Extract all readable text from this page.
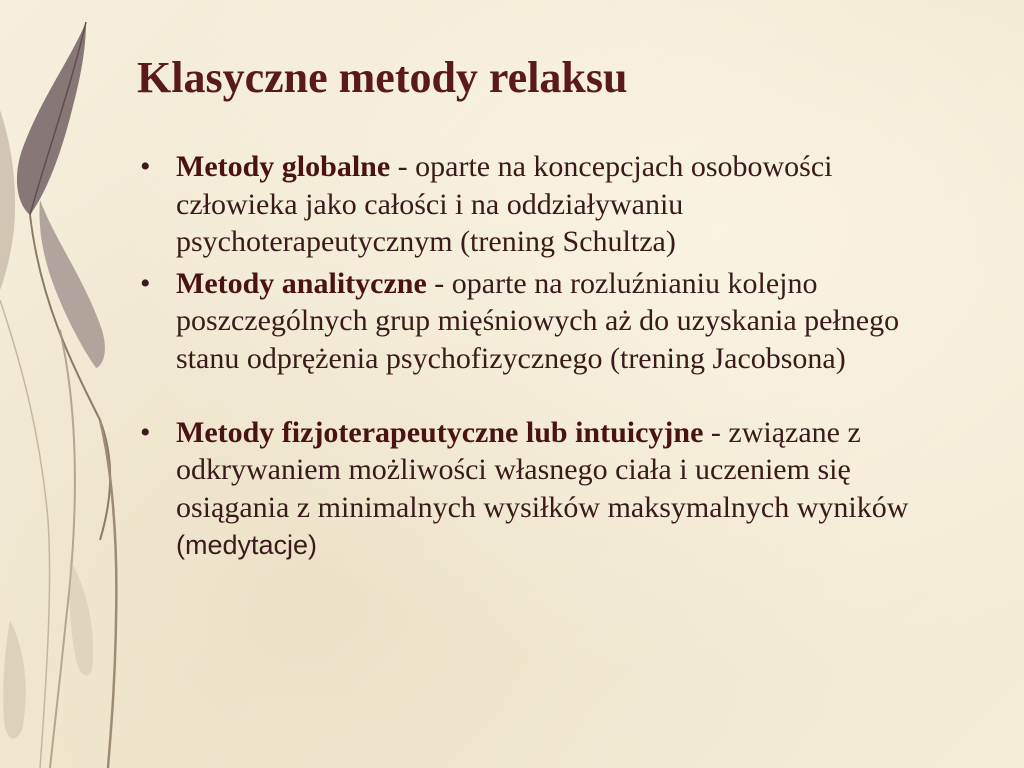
Klasyczne metody relaksu
• Metody globalne - oparte na koncepcjach osobowości człowieka jako całości i na oddziaływaniu psychoterapeutycznym (trening Schultza)
• Metody analityczne - oparte na rozluźnianiu kolejno poszczególnych grup mięśniowych aż do uzyskania pełnego stanu odprężenia psychofizycznego (trening Jacobsona)
• Metody fizjoterapeutyczne lub intuicyjne - związane z odkrywaniem możliwości własnego ciała i uczeniem się osiągania z minimalnych wysiłków maksymalnych wyników (medytacje)
